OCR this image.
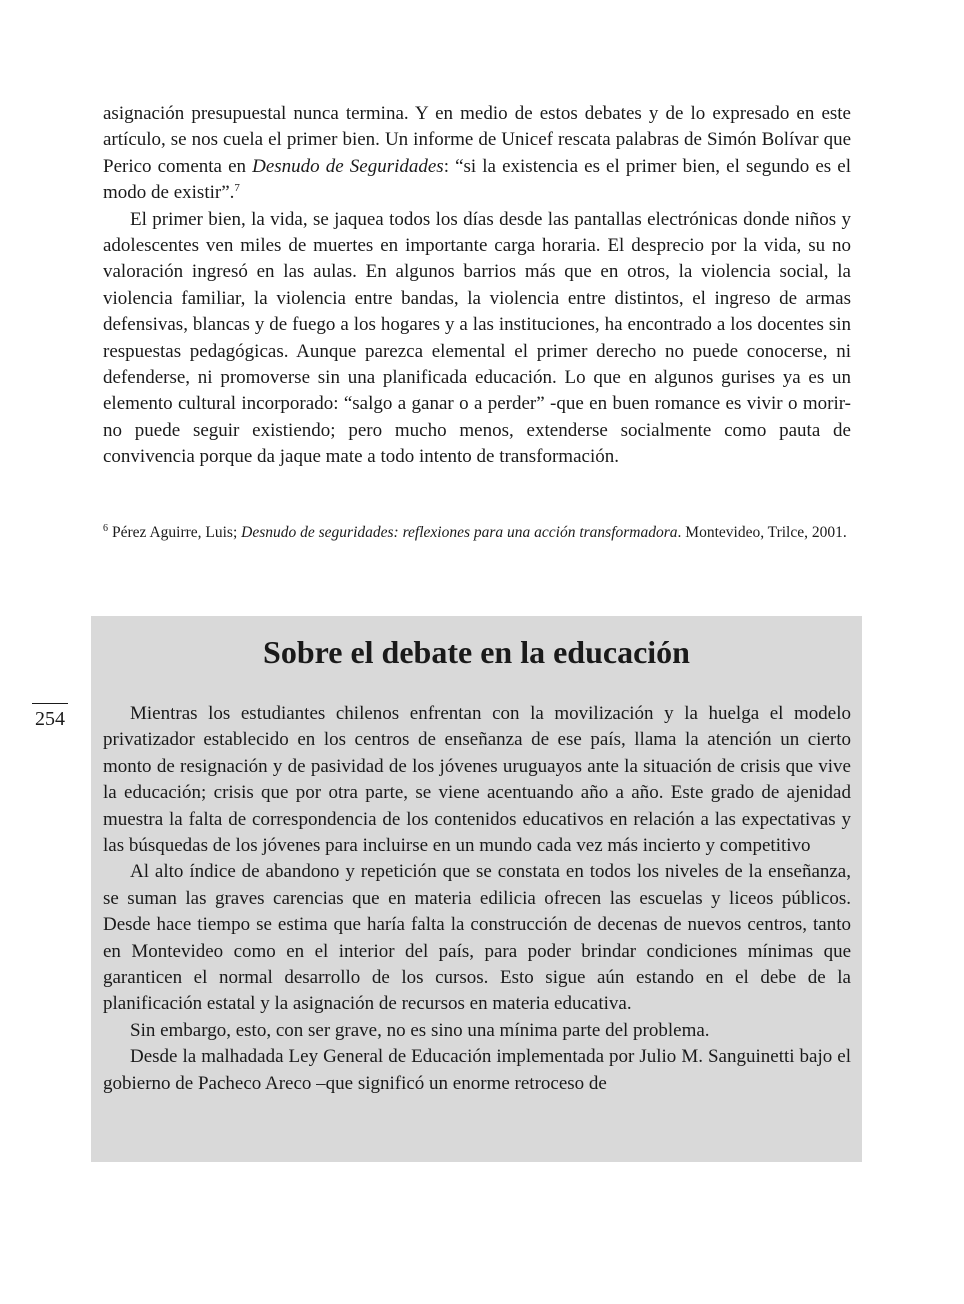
asignación presupuestal nunca termina. Y en medio de estos debates y de lo expresado en este artículo, se nos cuela el primer bien. Un informe de Unicef rescata palabras de Simón Bolívar que Perico comenta en Desnudo de Seguridades: “si la existencia es el primer bien, el segundo es el modo de existir”.$^7$

El primer bien, la vida, se jaquea todos los días desde las pantallas electrónicas donde niños y adolescentes ven miles de muertes en importante carga horaria. El desprecio por la vida, su no valoración ingresó en las aulas. En algunos barrios más que en otros, la violencia social, la violencia familiar, la violencia entre bandas, la violencia entre distintos, el ingreso de armas defensivas, blancas y de fuego a los hogares y a las instituciones, ha encontrado a los docentes sin respuestas pedagógicas. Aunque parezca elemental el primer derecho no puede conocerse, ni defenderse, ni promoverse sin una planificada educación. Lo que en algunos gurises ya es un elemento cultural incorporado: “salgo a ganar o a perder” -que en buen romance es vivir o morir- no puede seguir existiendo; pero mucho menos, extenderse socialmente como pauta de convivencia porque da jaque mate a todo intento de transformación.

$^6$ Pérez Aguirre, Luis; Desnudo de seguridades: reflexiones para una acción transformadora. Montevideo, Trilce, 2001.
Sobre el debate en la educación

Mientras los estudiantes chilenos enfrentan con la movilización y la huelga el modelo privatizador establecido en los centros de enseñanza de ese país, llama la atención un cierto monto de resignación y de pasividad de los jóvenes uruguayos ante la situación de crisis que vive la educación; crisis que por otra parte, se viene acentuando año a año. Este grado de ajenidad muestra la falta de correspondencia de los contenidos educativos en relación a las expectativas y las búsquedas de los jóvenes para incluirse en un mundo cada vez más incierto y competitivo

Al alto índice de abandono y repetición que se constata en todos los niveles de la enseñanza, se suman las graves carencias que en materia edilicia ofrecen las escuelas y liceos públicos. Desde hace tiempo se estima que haría falta la construcción de decenas de nuevos centros, tanto en Montevideo como en el interior del país, para poder brindar condiciones mínimas que garanticen el normal desarrollo de los cursos. Esto sigue aún estando en el debe de la planificación estatal y la asignación de recursos en materia educativa.

Sin embargo, esto, con ser grave, no es sino una mínima parte del problema.

Desde la malhadada Ley General de Educación implementada por Julio M. Sanguinetti bajo el gobierno de Pacheco Areco –que significó un enorme retroceso de

254
